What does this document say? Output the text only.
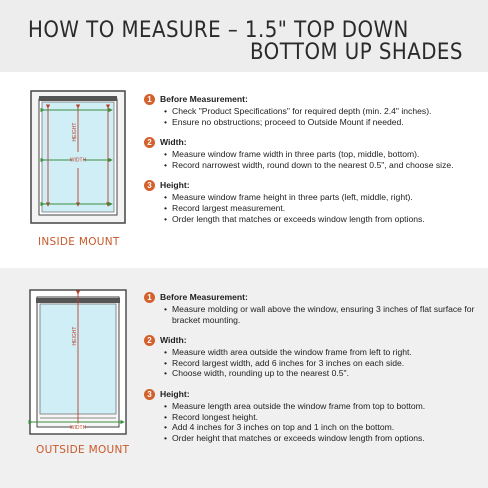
HOW TO MEASURE – 1.5" TOP DOWN
BOTTOM UP SHADES
WIDTH
HEIGHT
INSIDE MOUNT
HEIGHT
WIDTH
OUTSIDE MOUNT
1 Before Measurement:
• Check "Product Specifications" for required depth (min. 2.4" inches).
• Ensure no obstructions; proceed to Outside Mount if needed.
2 Width:
• Measure window frame width in three parts (top, middle, bottom).
• Record narrowest width, round down to the nearest 0.5", and choose size.
3 Height:
• Measure window frame height in three parts (left, middle, right).
• Record largest measurement.
• Order length that matches or exceeds window length from options.
1 Before Measurement:
• Measure molding or wall above the window, ensuring 3 inches of flat surface for bracket mounting.
2 Width:
• Measure width area outside the window frame from left to right.
• Record largest width, add 6 inches for 3 inches on each side.
• Choose width, rounding up to the nearest 0.5".
3 Height:
• Measure length area outside the window frame from top to bottom.
• Record longest height.
• Add 4 inches for 3 inches on top and 1 inch on the bottom.
• Order height that matches or exceeds window length from options.
